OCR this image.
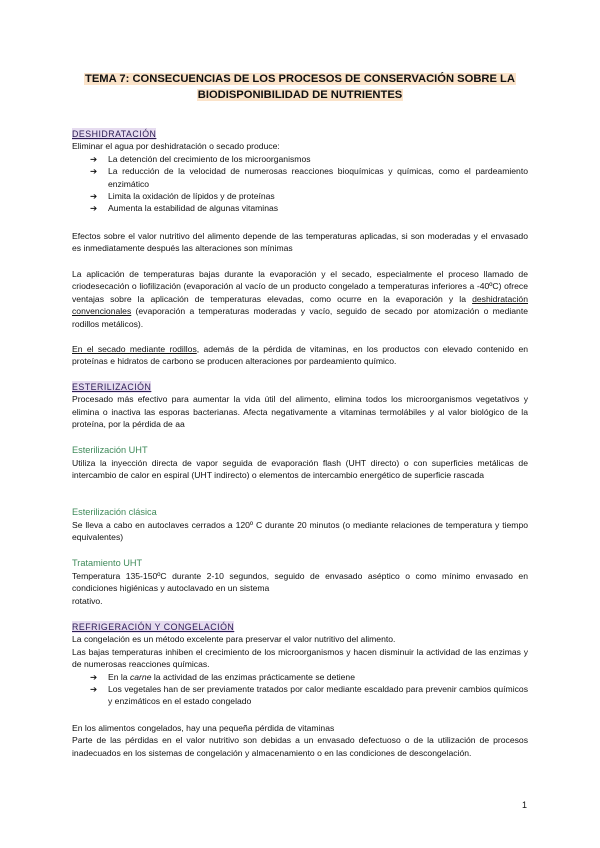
TEMA 7: CONSECUENCIAS DE LOS PROCESOS DE CONSERVACIÓN SOBRE LA
BIODISPONIBILIDAD DE NUTRIENTES
DESHIDRATACIÓN

Eliminar el agua por deshidratación o secado produce:

➔ La detención del crecimiento de los microorganismos
➔ La reducción de la velocidad de numerosas reacciones bioquímicas y químicas, como el pardeamiento enzimático
➔ Limita la oxidación de lípidos y de proteínas
➔ Aumenta la estabilidad de algunas vitaminas

Efectos sobre el valor nutritivo del alimento depende de las temperaturas aplicadas, si son moderadas y el envasado es inmediatamente después las alteraciones son mínimas

La aplicación de temperaturas bajas durante la evaporación y el secado, especialmente el proceso llamado de criodesecación o liofilización (evaporación al vacío de un producto congelado a temperaturas inferiores a -40ºC) ofrece ventajas sobre la aplicación de temperaturas elevadas, como ocurre en la evaporación y la deshidratación convencionales (evaporación a temperaturas moderadas y vacío, seguido de secado por atomización o mediante rodillos metálicos).

En el secado mediante rodillos, además de la pérdida de vitaminas, en los productos con elevado contenido en proteínas e hidratos de carbono se producen alteraciones por pardeamiento químico.

ESTERILIZACIÓN

Procesado más efectivo para aumentar la vida útil del alimento, elimina todos los microorganismos vegetativos y elimina o inactiva las esporas bacterianas. Afecta negativamente a vitaminas termolábiles y al valor biológico de la proteína, por la pérdida de aa

Esterilización UHT

Utiliza la inyección directa de vapor seguida de evaporación flash (UHT directo) o con superficies metálicas de intercambio de calor en espiral (UHT indirecto) o elementos de intercambio energético de superficie rascada

Esterilización clásica

Se lleva a cabo en autoclaves cerrados a 120º C durante 20 minutos (o mediante relaciones de temperatura y tiempo equivalentes)

Tratamiento UHT

Temperatura 135-150ºC durante 2-10 segundos, seguido de envasado aséptico o como mínimo envasado en condiciones higiénicas y autoclavado en un sistema

rotativo.

REFRIGERACIÓN Y CONGELACIÓN

La congelación es un método excelente para preservar el valor nutritivo del alimento.

Las bajas temperaturas inhiben el crecimiento de los microorganismos y hacen disminuir la actividad de las enzimas y de numerosas reacciones químicas.

➔ En la carne la actividad de las enzimas prácticamente se detiene
➔ Los vegetales han de ser previamente tratados por calor mediante escaldado para prevenir cambios químicos y enzimáticos en el estado congelado

En los alimentos congelados, hay una pequeña pérdida de vitaminas

Parte de las pérdidas en el valor nutritivo son debidas a un envasado defectuoso o de la utilización de procesos inadecuados en los sistemas de congelación y almacenamiento o en las condiciones de descongelación.

1
